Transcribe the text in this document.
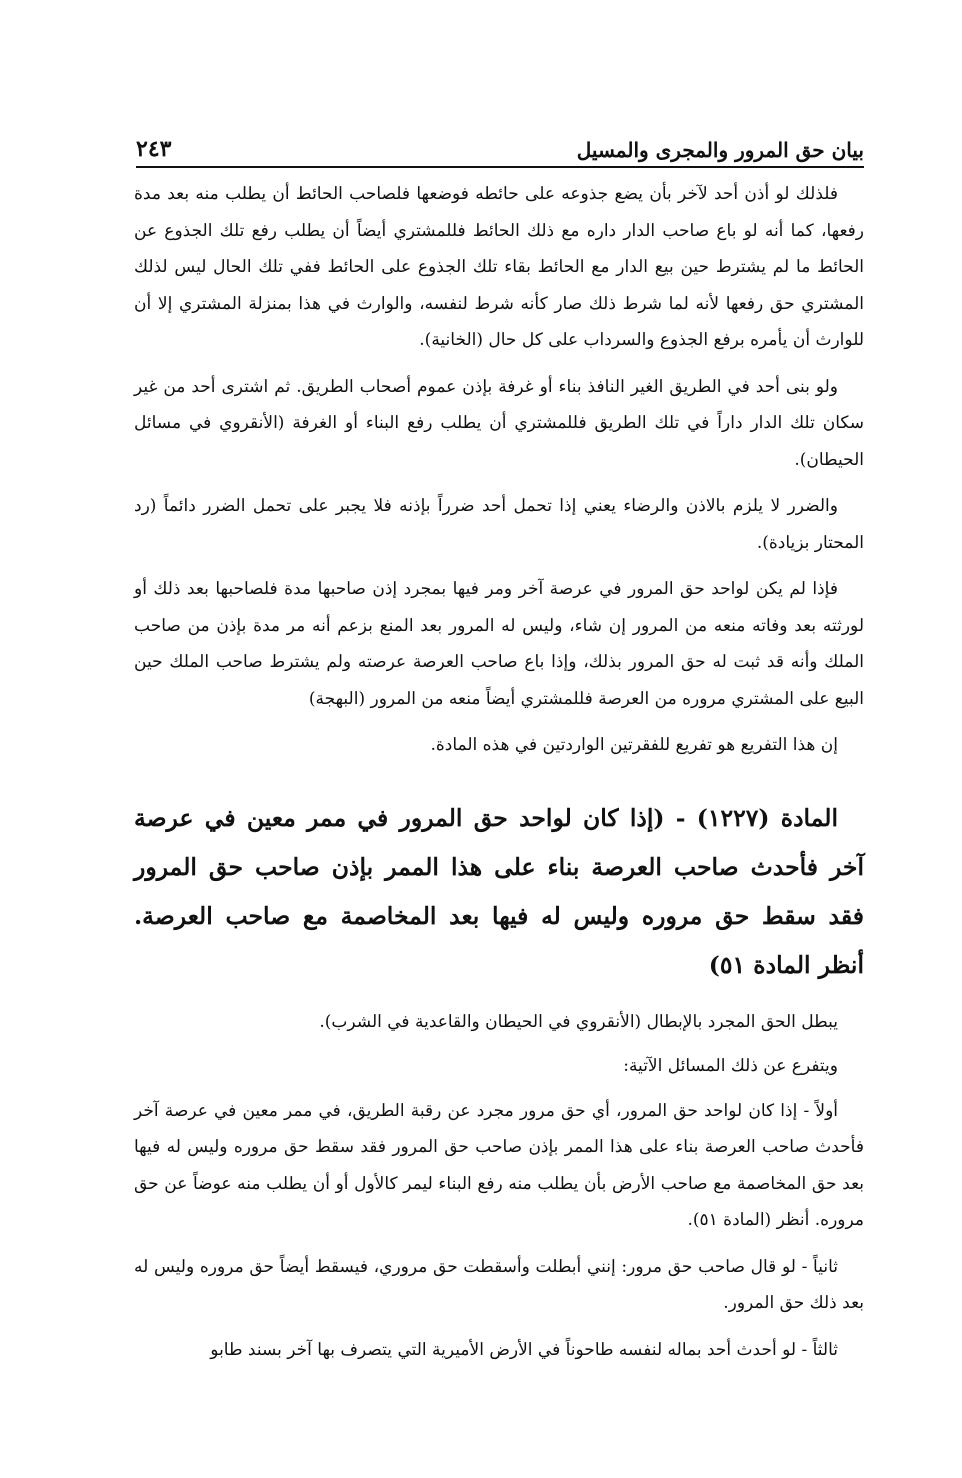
بيان حق المرور والمجرى والمسيل
٢٤٣

فلذلك لو أذن أحد لآخر بأن يضع جذوعه على حائطه فوضعها فلصاحب الحائط أن يطلب منه بعد مدة رفعها، كما أنه لو باع صاحب الدار داره مع ذلك الحائط فللمشتري أيضاً أن يطلب رفع تلك الجذوع عن الحائط ما لم يشترط حين بيع الدار مع الحائط بقاء تلك الجذوع على الحائط ففي تلك الحال ليس لذلك المشتري حق رفعها لأنه لما شرط ذلك صار كأنه شرط لنفسه، والوارث في هذا بمنزلة المشتري إلا أن للوارث أن يأمره برفع الجذوع والسرداب على كل حال (الخانية).

ولو بنى أحد في الطريق الغير النافذ بناء أو غرفة بإذن عموم أصحاب الطريق. ثم اشترى أحد من غير سكان تلك الدار داراً في تلك الطريق فللمشتري أن يطلب رفع البناء أو الغرفة (الأنقروي في مسائل الحيطان).

والضرر لا يلزم بالاذن والرضاء يعني إذا تحمل أحد ضرراً بإذنه فلا يجبر على تحمل الضرر دائماً (رد المحتار بزيادة).

فإذا لم يكن لواحد حق المرور في عرصة آخر ومر فيها بمجرد إذن صاحبها مدة فلصاحبها بعد ذلك أو لورثته بعد وفاته منعه من المرور إن شاء، وليس له المرور بعد المنع بزعم أنه مر مدة بإذن من صاحب الملك وأنه قد ثبت له حق المرور بذلك، وإذا باع صاحب العرصة عرصته ولم يشترط صاحب الملك حين البيع على المشتري مروره من العرصة فللمشتري أيضاً منعه من المرور (البهجة)

إن هذا التفريع هو تفريع للفقرتين الواردتين في هذه المادة.

المادة (١٢٢٧) - (إذا كان لواحد حق المرور في ممر معين في عرصة آخر فأحدث صاحب العرصة بناء على هذا الممر بإذن صاحب حق المرور فقد سقط حق مروره وليس له فيها بعد المخاصمة مع صاحب العرصة. أنظر المادة ٥١)

يبطل الحق المجرد بالإبطال (الأنقروي في الحيطان والقاعدية في الشرب).

ويتفرع عن ذلك المسائل الآتية:

أولاً - إذا كان لواحد حق المرور، أي حق مرور مجرد عن رقبة الطريق، في ممر معين في عرصة آخر فأحدث صاحب العرصة بناء على هذا الممر بإذن صاحب حق المرور فقد سقط حق مروره وليس له فيها بعد حق المخاصمة مع صاحب الأرض بأن يطلب منه رفع البناء ليمر كالأول أو أن يطلب منه عوضاً عن حق مروره. أنظر (المادة ٥١).

ثانياً - لو قال صاحب حق مرور: إنني أبطلت وأسقطت حق مروري، فيسقط أيضاً حق مروره وليس له بعد ذلك حق المرور.

ثالثاً - لو أحدث أحد بماله لنفسه طاحوناً في الأرض الأميرية التي يتصرف بها آخر بسند طابو
